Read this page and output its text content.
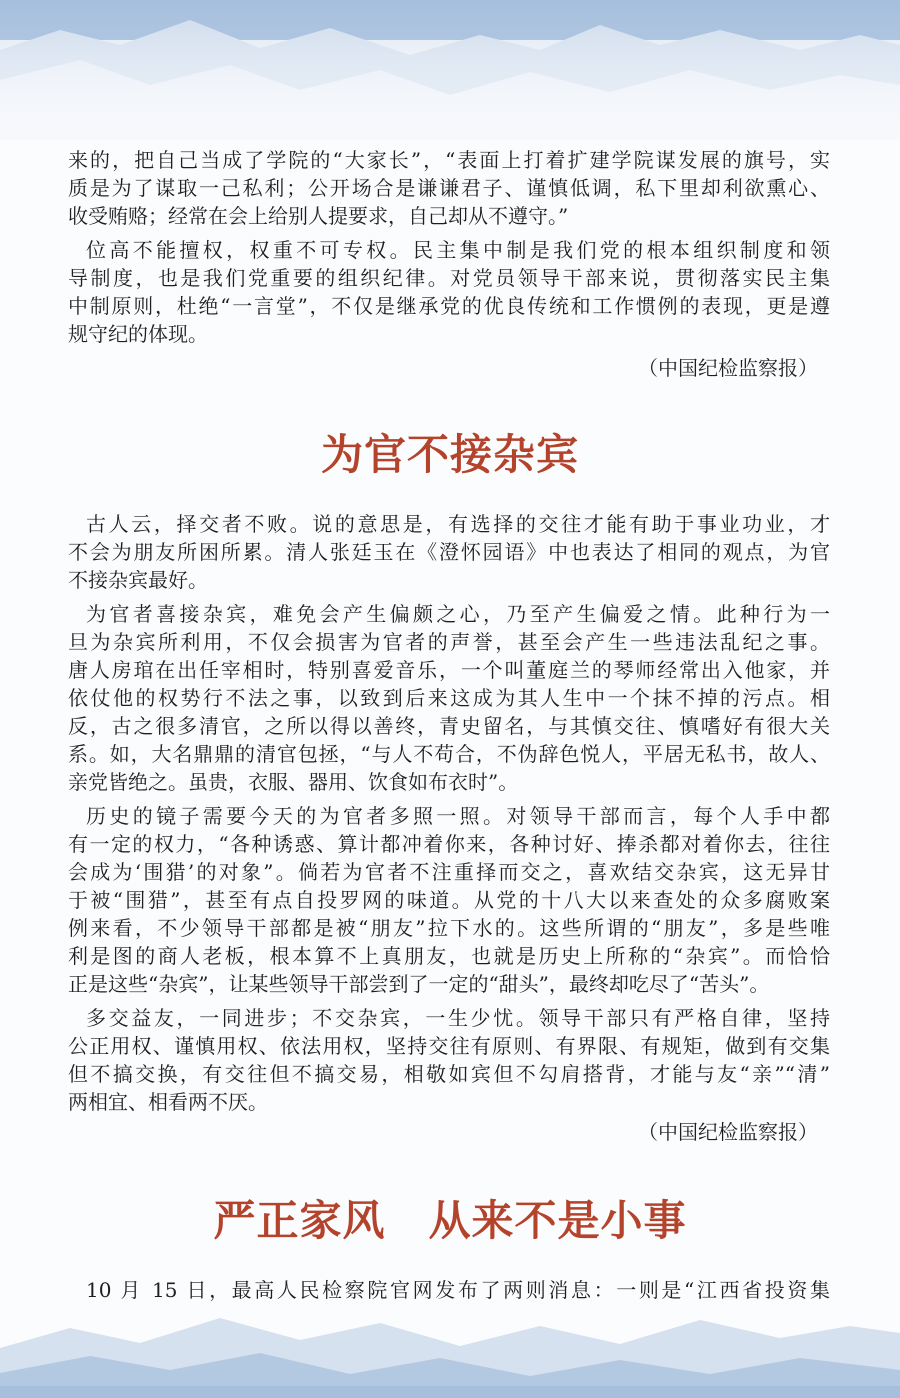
来的，把自己当成了学院的“大家长”，“表面上打着扩建学院谋发展的旗号，实
质是为了谋取一己私利；公开场合是谦谦君子、谨慎低调，私下里却利欲熏心、
收受贿赂；经常在会上给别人提要求，自己却从不遵守。”
位高不能擅权，权重不可专权。民主集中制是我们党的根本组织制度和领
导制度，也是我们党重要的组织纪律。对党员领导干部来说，贯彻落实民主集
中制原则，杜绝“一言堂”，不仅是继承党的优良传统和工作惯例的表现，更是遵
规守纪的体现。
（中国纪检监察报）
为官不接杂宾
古人云，择交者不败。说的意思是，有选择的交往才能有助于事业功业，才
不会为朋友所困所累。清人张廷玉在《澄怀园语》中也表达了相同的观点，为官
不接杂宾最好。
为官者喜接杂宾，难免会产生偏颇之心，乃至产生偏爱之情。此种行为一
旦为杂宾所利用，不仅会损害为官者的声誉，甚至会产生一些违法乱纪之事。
唐人房琯在出任宰相时，特别喜爱音乐，一个叫董庭兰的琴师经常出入他家，并
依仗他的权势行不法之事，以致到后来这成为其人生中一个抹不掉的污点。相
反，古之很多清官，之所以得以善终，青史留名，与其慎交往、慎嗜好有很大关
系。如，大名鼎鼎的清官包拯，“与人不苟合，不伪辞色悦人，平居无私书，故人、
亲党皆绝之。虽贵，衣服、器用、饮食如布衣时”。
历史的镜子需要今天的为官者多照一照。对领导干部而言，每个人手中都
有一定的权力，“各种诱惑、算计都冲着你来，各种讨好、捧杀都对着你去，往往
会成为‘围猎’的对象”。倘若为官者不注重择而交之，喜欢结交杂宾，这无异甘
于被“围猎”，甚至有点自投罗网的味道。从党的十八大以来查处的众多腐败案
例来看，不少领导干部都是被“朋友”拉下水的。这些所谓的“朋友”，多是些唯
利是图的商人老板，根本算不上真朋友，也就是历史上所称的“杂宾”。而恰恰
正是这些“杂宾”，让某些领导干部尝到了一定的“甜头”，最终却吃尽了“苦头”。
多交益友，一同进步；不交杂宾，一生少忧。领导干部只有严格自律，坚持
公正用权、谨慎用权、依法用权，坚持交往有原则、有界限、有规矩，做到有交集
但不搞交换，有交往但不搞交易，相敬如宾但不勾肩搭背，才能与友“亲”“清”
两相宜、相看两不厌。
（中国纪检监察报）
严正家风　从来不是小事
10 月 15 日，最高人民检察院官网发布了两则消息：一则是“江西省投资集
